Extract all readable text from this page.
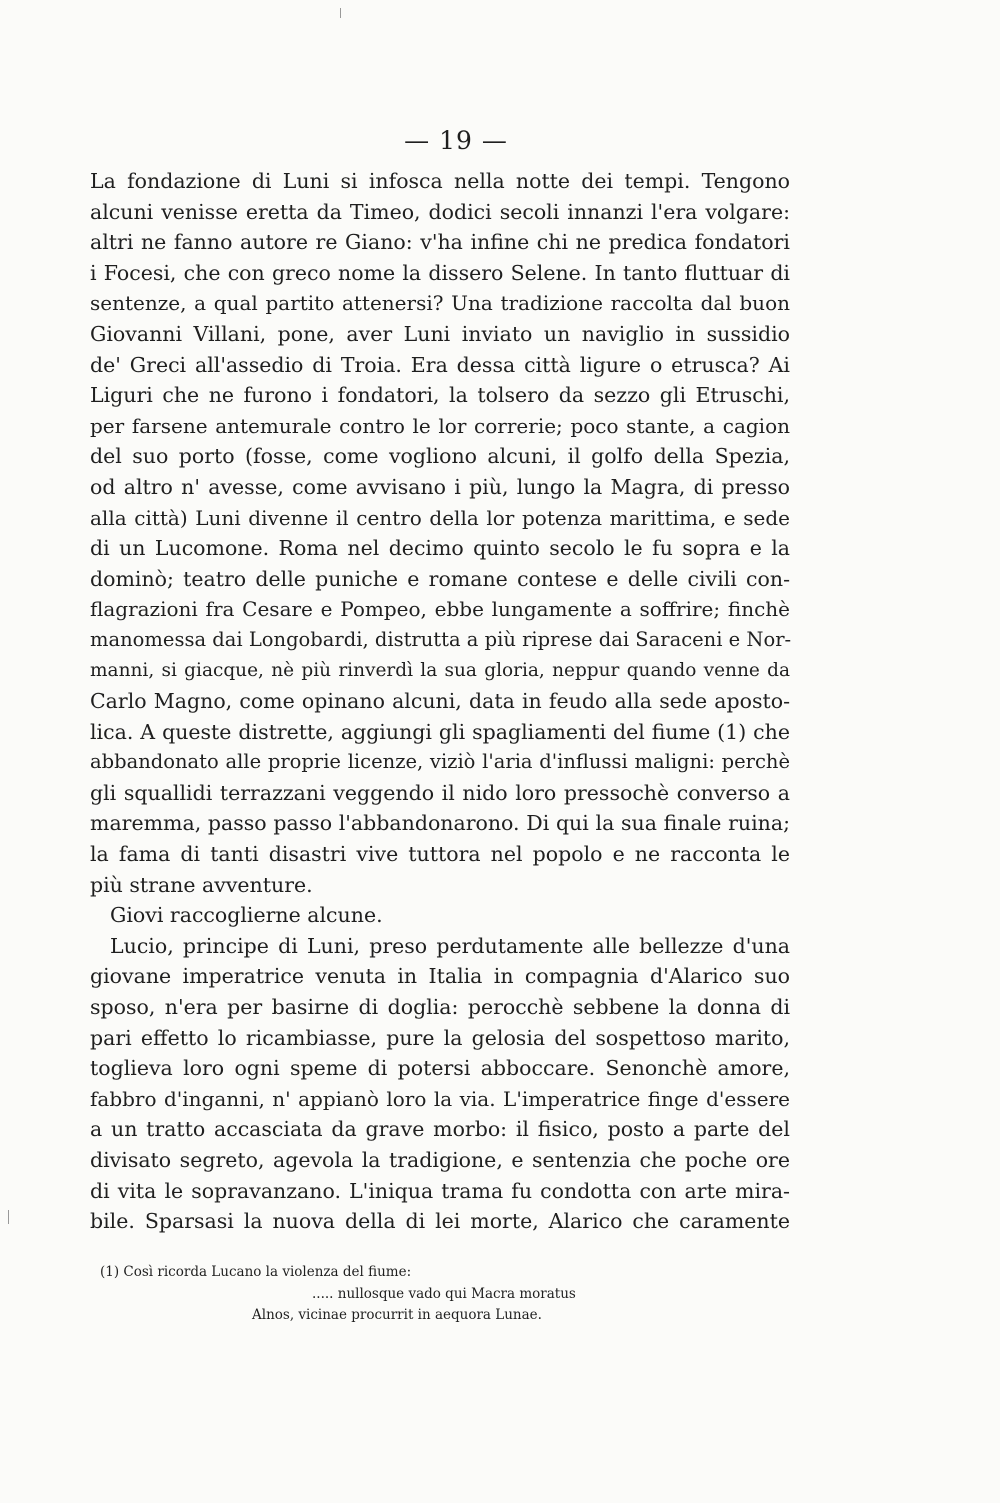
— 19 —
La fondazione di Luni si infosca nella notte dei tempi. Tengono
alcuni venisse eretta da Timeo, dodici secoli innanzi l'era volgare:
altri ne fanno autore re Giano: v'ha infine chi ne predica fondatori
i Focesi, che con greco nome la dissero Selene. In tanto fluttuar di
sentenze, a qual partito attenersi? Una tradizione raccolta dal buon
Giovanni Villani, pone, aver Luni inviato un naviglio in sussidio
de' Greci all'assedio di Troia. Era dessa città ligure o etrusca? Ai
Liguri che ne furono i fondatori, la tolsero da sezzo gli Etruschi,
per farsene antemurale contro le lor correrie; poco stante, a cagion
del suo porto (fosse, come vogliono alcuni, il golfo della Spezia,
od altro n' avesse, come avvisano i più, lungo la Magra, di presso
alla città) Luni divenne il centro della lor potenza marittima, e sede
di un Lucomone. Roma nel decimo quinto secolo le fu sopra e la
dominò; teatro delle puniche e romane contese e delle civili con-
flagrazioni fra Cesare e Pompeo, ebbe lungamente a soffrire; finchè
manomessa dai Longobardi, distrutta a più riprese dai Saraceni e Nor-
manni, si giacque, nè più rinverdì la sua gloria, neppur quando venne da
Carlo Magno, come opinano alcuni, data in feudo alla sede aposto-
lica. A queste distrette, aggiungi gli spagliamenti del fiume (1) che
abbandonato alle proprie licenze, viziò l'aria d'influssi maligni: perchè
gli squallidi terrazzani veggendo il nido loro pressochè converso a
maremma, passo passo l'abbandonarono. Di qui la sua finale ruina;
la fama di tanti disastri vive tuttora nel popolo e ne racconta le
più strane avventure.
Giovi raccoglierne alcune.
Lucio, principe di Luni, preso perdutamente alle bellezze d'una
giovane imperatrice venuta in Italia in compagnia d'Alarico suo
sposo, n'era per basirne di doglia: perocchè sebbene la donna di
pari effetto lo ricambiasse, pure la gelosia del sospettoso marito,
toglieva loro ogni speme di potersi abboccare. Senonchè amore,
fabbro d'inganni, n' appianò loro la via. L'imperatrice finge d'essere
a un tratto accasciata da grave morbo: il fisico, posto a parte del
divisato segreto, agevola la tradigione, e sentenzia che poche ore
di vita le sopravanzano. L'iniqua trama fu condotta con arte mira-
bile. Sparsasi la nuova della di lei morte, Alarico che caramente
(1) Così ricorda Lucano la violenza del fiume:
..... nullosque vado qui Macra moratus
Alnos, vicinae procurrit in aequora Lunae.
